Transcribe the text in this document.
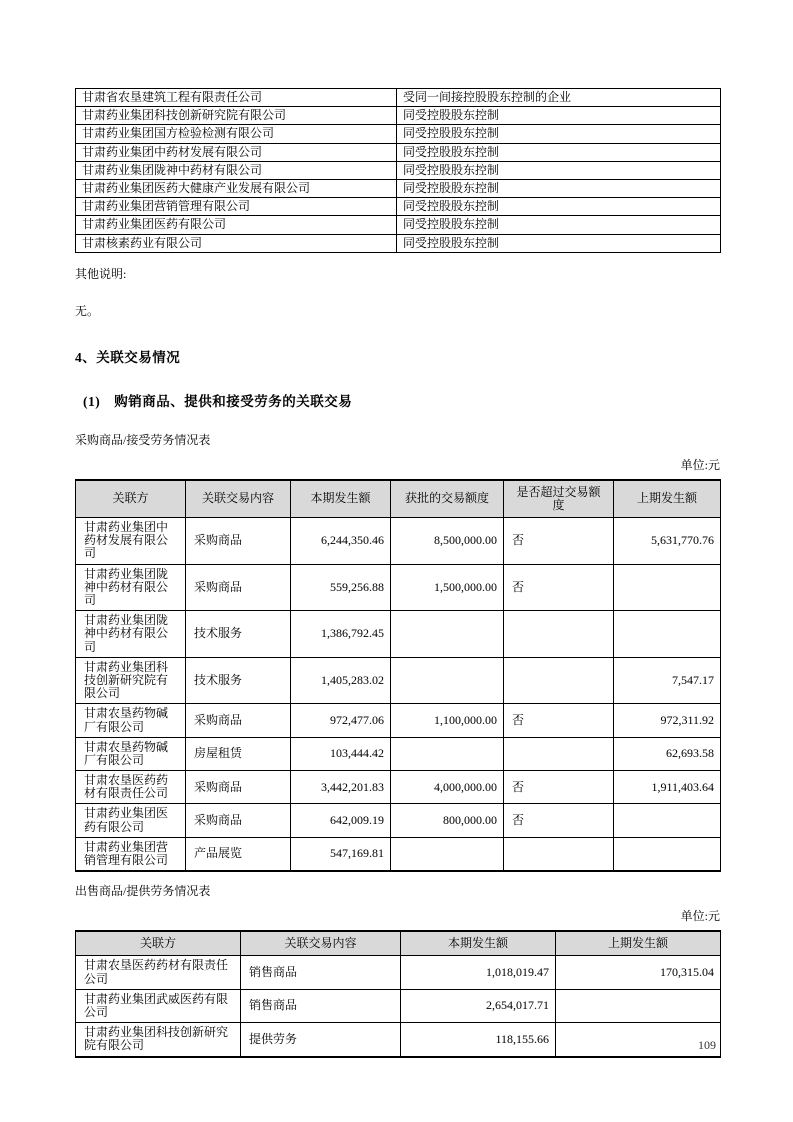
甘肃省农垦建筑工程有限责任公司	受同一间接控股股东控制的企业
甘肃药业集团科技创新研究院有限公司	同受控股股东控制
甘肃药业集团国方检验检测有限公司	同受控股股东控制
甘肃药业集团中药材发展有限公司	同受控股股东控制
甘肃药业集团陇神中药材有限公司	同受控股股东控制
甘肃药业集团医药大健康产业发展有限公司	同受控股股东控制
甘肃药业集团营销管理有限公司	同受控股股东控制
甘肃药业集团医药有限公司	同受控股股东控制
甘肃核素药业有限公司	同受控股股东控制

其他说明:

无。

4、关联交易情况
(1) 购销商品、提供和接受劳务的关联交易

采购商品/接受劳务情况表

单位:元
关联方	关联交易内容	本期发生额	获批的交易额度	是否超过交易额度	上期发生额
甘肃药业集团中药材发展有限公司	采购商品	6,244,350.46	8,500,000.00	否	5,631,770.76
甘肃药业集团陇神中药材有限公司	采购商品	559,256.88	1,500,000.00	否	
甘肃药业集团陇神中药材有限公司	技术服务	1,386,792.45			
甘肃药业集团科技创新研究院有限公司	技术服务	1,405,283.02			7,547.17
甘肃农垦药物碱厂有限公司	采购商品	972,477.06	1,100,000.00	否	972,311.92
甘肃农垦药物碱厂有限公司	房屋租赁	103,444.42			62,693.58
甘肃农垦医药药材有限责任公司	采购商品	3,442,201.83	4,000,000.00	否	1,911,403.64
甘肃药业集团医药有限公司	采购商品	642,009.19	800,000.00	否	
甘肃药业集团营销管理有限公司	产品展览	547,169.81			

出售商品/提供劳务情况表

单位:元
关联方	关联交易内容	本期发生额	上期发生额
甘肃农垦医药药材有限责任公司	销售商品	1,018,019.47	170,315.04
甘肃药业集团武威医药有限公司	销售商品	2,654,017.71	
甘肃药业集团科技创新研究院有限公司	提供劳务	118,155.66		109
